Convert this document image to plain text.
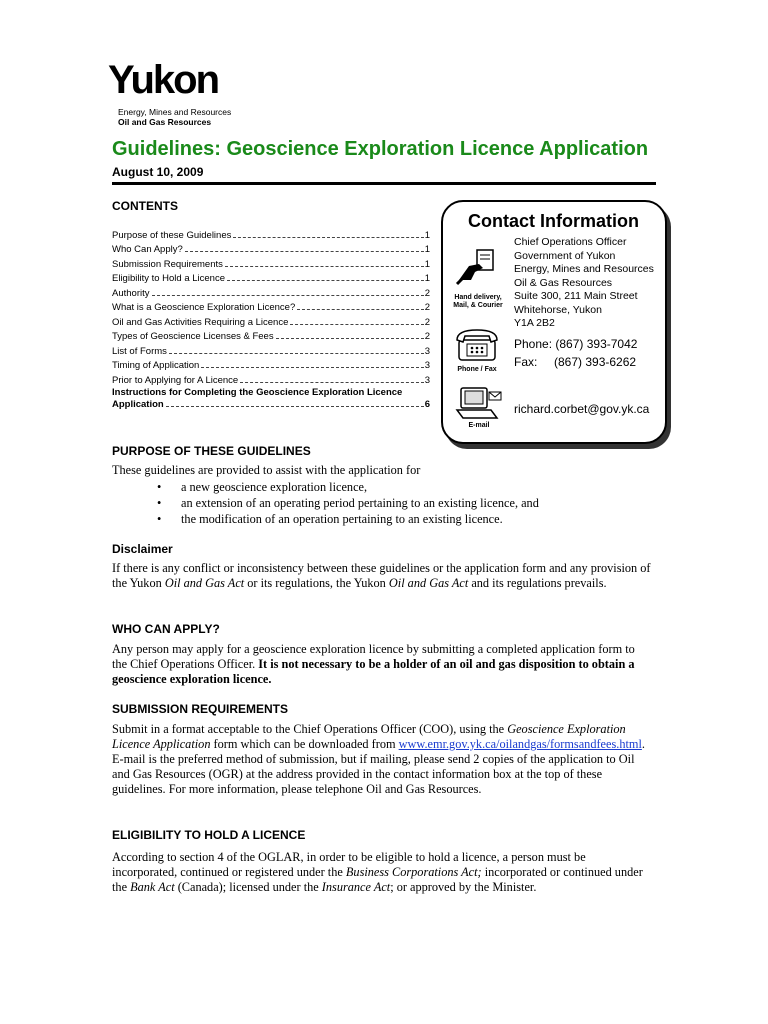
Yukon
Energy, Mines and Resources
Oil and Gas Resources
Guidelines: Geoscience Exploration Licence Application
August 10, 2009
CONTENTS
Purpose of these Guidelines	1
Who Can Apply?	1
Submission Requirements	1
Eligibility to Hold a Licence	1
Authority	2
What is a Geoscience Exploration Licence?	2
Oil and Gas Activities Requiring a Licence	2
Types of Geoscience Licenses & Fees	2
List of Forms	3
Timing of Application	3
Prior to Applying for A Licence	3
Instructions for Completing the Geoscience Exploration Licence
Application	6
Contact Information
Hand delivery,
Mail, & Courier
Phone / Fax
E-mail
Chief Operations Officer
Government of Yukon
Energy, Mines and Resources
Oil & Gas Resources
Suite 300, 211 Main Street
Whitehorse, Yukon
Y1A 2B2
Phone: (867) 393-7042
Fax: (867) 393-6262
richard.corbet@gov.yk.ca
PURPOSE OF THESE GUIDELINES
These guidelines are provided to assist with the application for
• a new geoscience exploration licence,
• an extension of an operating period pertaining to an existing licence, and
• the modification of an operation pertaining to an existing licence.
Disclaimer
If there is any conflict or inconsistency between these guidelines or the application form and any provision of the Yukon Oil and Gas Act or its regulations, the Yukon Oil and Gas Act and its regulations prevails.
WHO CAN APPLY?
Any person may apply for a geoscience exploration licence by submitting a completed application form to the Chief Operations Officer. It is not necessary to be a holder of an oil and gas disposition to obtain a geoscience exploration licence.
SUBMISSION REQUIREMENTS
Submit in a format acceptable to the Chief Operations Officer (COO), using the Geoscience Exploration Licence Application form which can be downloaded from www.emr.gov.yk.ca/oilandgas/formsandfees.html. E-mail is the preferred method of submission, but if mailing, please send 2 copies of the application to Oil and Gas Resources (OGR) at the address provided in the contact information box at the top of these guidelines. For more information, please telephone Oil and Gas Resources.
ELIGIBILITY TO HOLD A LICENCE
According to section 4 of the OGLAR, in order to be eligible to hold a licence, a person must be incorporated, continued or registered under the Business Corporations Act; incorporated or continued under the Bank Act (Canada); licensed under the Insurance Act; or approved by the Minister.
